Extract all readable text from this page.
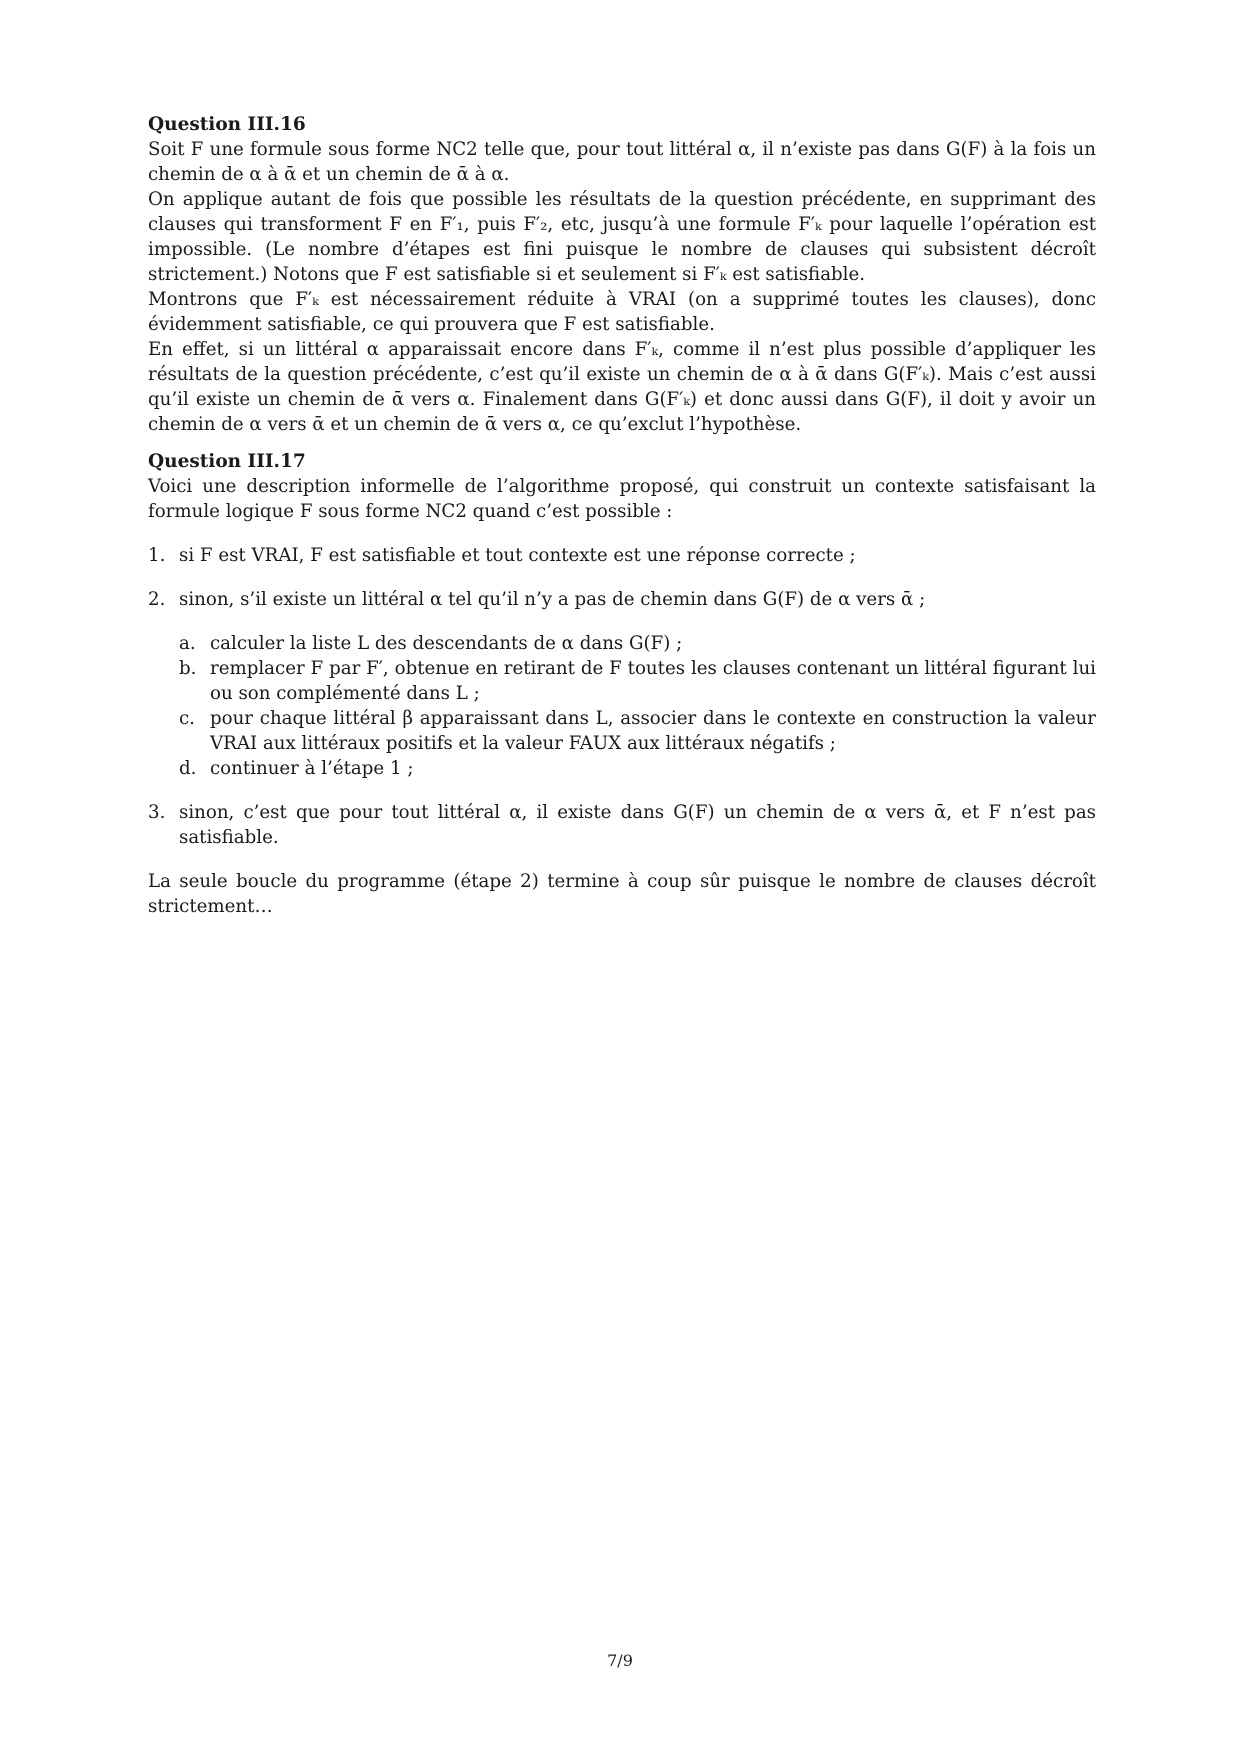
Question III.16

Soit F une formule sous forme NC2 telle que, pour tout littéral α, il n’existe pas dans G(F) à la fois un chemin de α à ᾱ et un chemin de ᾱ à α.

On applique autant de fois que possible les résultats de la question précédente, en supprimant des clauses qui transforment F en F′₁, puis F′₂, etc, jusqu’à une formule F′ₖ pour laquelle l’opération est impossible. (Le nombre d’étapes est fini puisque le nombre de clauses qui subsistent décroît strictement.) Notons que F est satisfiable si et seulement si F′ₖ est satisfiable.

Montrons que F′ₖ est nécessairement réduite à VRAI (on a supprimé toutes les clauses), donc évidemment satisfiable, ce qui prouvera que F est satisfiable.

En effet, si un littéral α apparaissait encore dans F′ₖ, comme il n’est plus possible d’appliquer les résultats de la question précédente, c’est qu’il existe un chemin de α à ᾱ dans G(F′ₖ). Mais c’est aussi qu’il existe un chemin de ᾱ vers α. Finalement dans G(F′ₖ) et donc aussi dans G(F), il doit y avoir un chemin de α vers ᾱ et un chemin de ᾱ vers α, ce qu’exclut l’hypothèse.

Question III.17

Voici une description informelle de l’algorithme proposé, qui construit un contexte satisfaisant la formule logique F sous forme NC2 quand c’est possible :

1. si F est VRAI, F est satisfiable et tout contexte est une réponse correcte ;
2. sinon, s’il existe un littéral α tel qu’il n’y a pas de chemin dans G(F) de α vers ᾱ ;
a. calculer la liste L des descendants de α dans G(F) ;
b. remplacer F par F′, obtenue en retirant de F toutes les clauses contenant un littéral figurant lui ou son complémenté dans L ;
c. pour chaque littéral β apparaissant dans L, associer dans le contexte en construction la valeur VRAI aux littéraux positifs et la valeur FAUX aux littéraux négatifs ;
d. continuer à l’étape 1 ;
3. sinon, c’est que pour tout littéral α, il existe dans G(F) un chemin de α vers ᾱ, et F n’est pas satisfiable.

La seule boucle du programme (étape 2) termine à coup sûr puisque le nombre de clauses décroît strictement…

7/9
